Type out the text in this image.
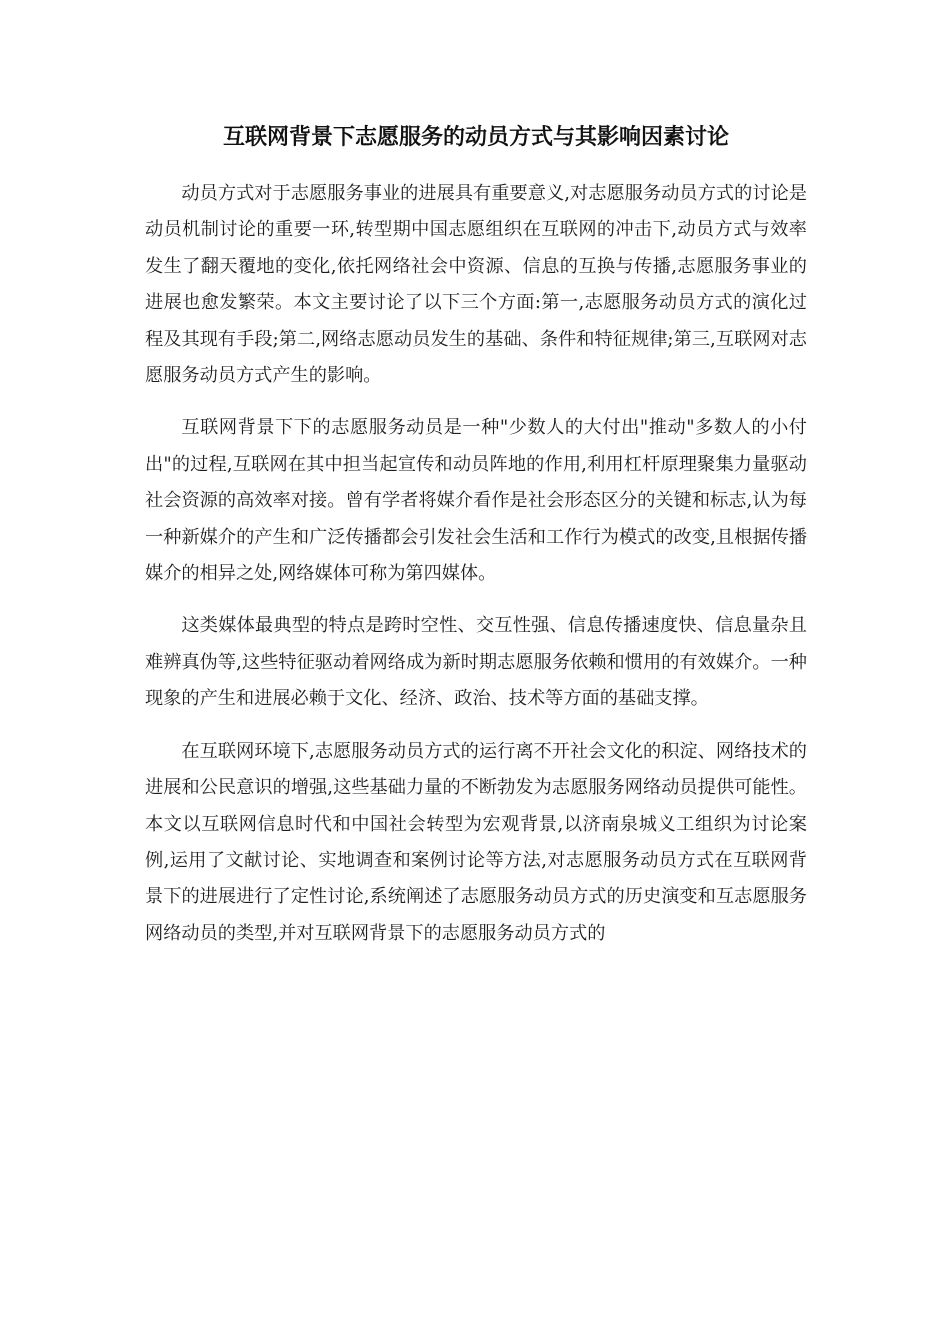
互联网背景下志愿服务的动员方式与其影响因素讨论

动员方式对于志愿服务事业的进展具有重要意义,对志愿服务动员方式的讨论是动员机制讨论的重要一环,转型期中国志愿组织在互联网的冲击下,动员方式与效率发生了翻天覆地的变化,依托网络社会中资源、信息的互换与传播,志愿服务事业的进展也愈发繁荣。本文主要讨论了以下三个方面:第一,志愿服务动员方式的演化过程及其现有手段;第二,网络志愿动员发生的基础、条件和特征规律;第三,互联网对志愿服务动员方式产生的影响。

互联网背景下下的志愿服务动员是一种"少数人的大付出"推动"多数人的小付出"的过程,互联网在其中担当起宣传和动员阵地的作用,利用杠杆原理聚集力量驱动社会资源的高效率对接。曾有学者将媒介看作是社会形态区分的关键和标志,认为每一种新媒介的产生和广泛传播都会引发社会生活和工作行为模式的改变,且根据传播媒介的相异之处,网络媒体可称为第四媒体。

这类媒体最典型的特点是跨时空性、交互性强、信息传播速度快、信息量杂且难辨真伪等,这些特征驱动着网络成为新时期志愿服务依赖和惯用的有效媒介。一种现象的产生和进展必赖于文化、经济、政治、技术等方面的基础支撑。

在互联网环境下,志愿服务动员方式的运行离不开社会文化的积淀、网络技术的进展和公民意识的增强,这些基础力量的不断勃发为志愿服务网络动员提供可能性。本文以互联网信息时代和中国社会转型为宏观背景,以济南泉城义工组织为讨论案例,运用了文献讨论、实地调查和案例讨论等方法,对志愿服务动员方式在互联网背景下的进展进行了定性讨论,系统阐述了志愿服务动员方式的历史演变和互志愿服务网络动员的类型,并对互联网背景下的志愿服务动员方式的
